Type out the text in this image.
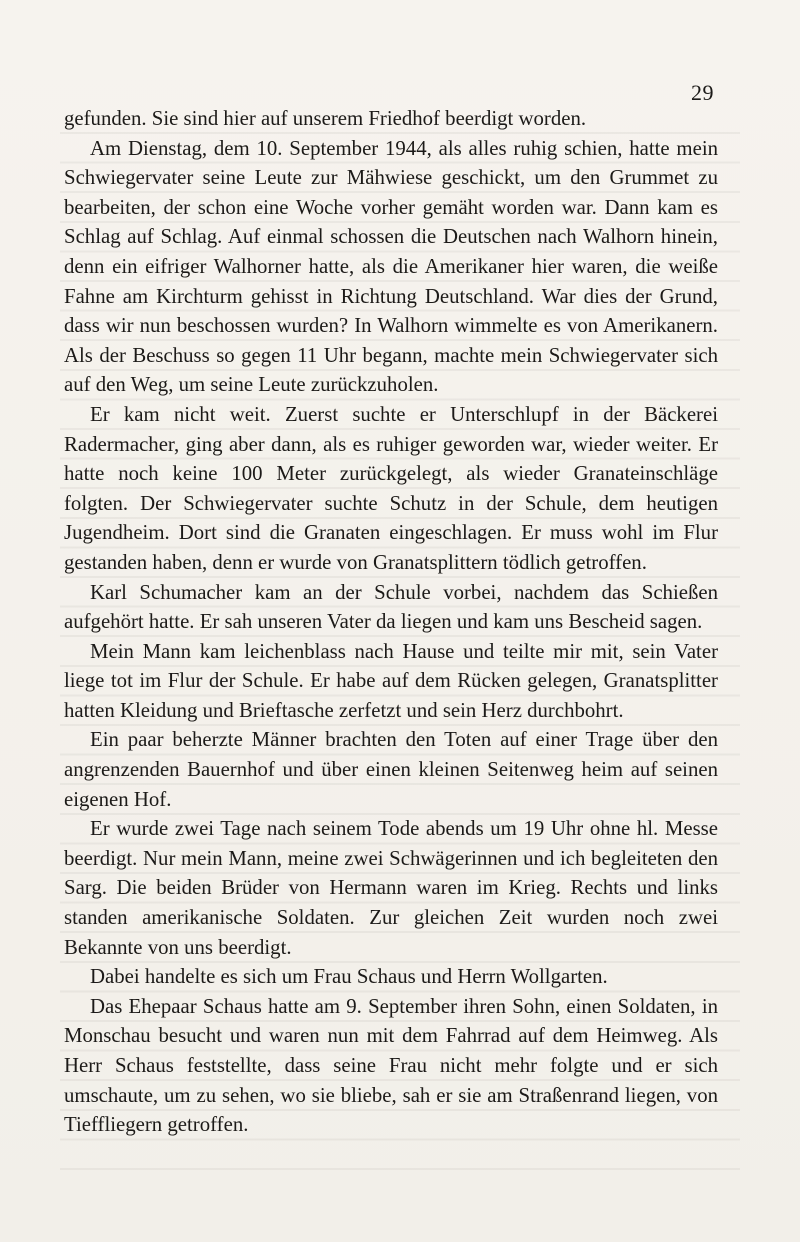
29

gefunden. Sie sind hier auf unserem Friedhof beerdigt worden.

Am Dienstag, dem 10. September 1944, als alles ruhig schien, hatte mein Schwiegervater seine Leute zur Mähwiese geschickt, um den Grummet zu bearbeiten, der schon eine Woche vorher gemäht worden war. Dann kam es Schlag auf Schlag. Auf einmal schossen die Deutschen nach Walhorn hinein, denn ein eifriger Walhorner hatte, als die Amerikaner hier waren, die weiße Fahne am Kirchturm gehisst in Richtung Deutschland. War dies der Grund, dass wir nun beschossen wurden? In Walhorn wimmelte es von Amerikanern. Als der Beschuss so gegen 11 Uhr begann, machte mein Schwiegervater sich auf den Weg, um seine Leute zurückzuholen.

Er kam nicht weit. Zuerst suchte er Unterschlupf in der Bäckerei Radermacher, ging aber dann, als es ruhiger geworden war, wieder weiter. Er hatte noch keine 100 Meter zurückgelegt, als wieder Granateinschläge folgten. Der Schwiegervater suchte Schutz in der Schule, dem heutigen Jugendheim. Dort sind die Granaten eingeschlagen. Er muss wohl im Flur gestanden haben, denn er wurde von Granatsplittern tödlich getroffen.

Karl Schumacher kam an der Schule vorbei, nachdem das Schießen aufgehört hatte. Er sah unseren Vater da liegen und kam uns Bescheid sagen.

Mein Mann kam leichenblass nach Hause und teilte mir mit, sein Vater liege tot im Flur der Schule. Er habe auf dem Rücken gelegen, Granatsplitter hatten Kleidung und Brieftasche zerfetzt und sein Herz durchbohrt.

Ein paar beherzte Männer brachten den Toten auf einer Trage über den angrenzenden Bauernhof und über einen kleinen Seitenweg heim auf seinen eigenen Hof.

Er wurde zwei Tage nach seinem Tode abends um 19 Uhr ohne hl. Messe beerdigt. Nur mein Mann, meine zwei Schwägerinnen und ich begleiteten den Sarg. Die beiden Brüder von Hermann waren im Krieg. Rechts und links standen amerikanische Soldaten. Zur gleichen Zeit wurden noch zwei Bekannte von uns beerdigt.

Dabei handelte es sich um Frau Schaus und Herrn Wollgarten.

Das Ehepaar Schaus hatte am 9. September ihren Sohn, einen Soldaten, in Monschau besucht und waren nun mit dem Fahrrad auf dem Heimweg. Als Herr Schaus feststellte, dass seine Frau nicht mehr folgte und er sich umschaute, um zu sehen, wo sie bliebe, sah er sie am Straßenrand liegen, von Tieffliegern getroffen.
